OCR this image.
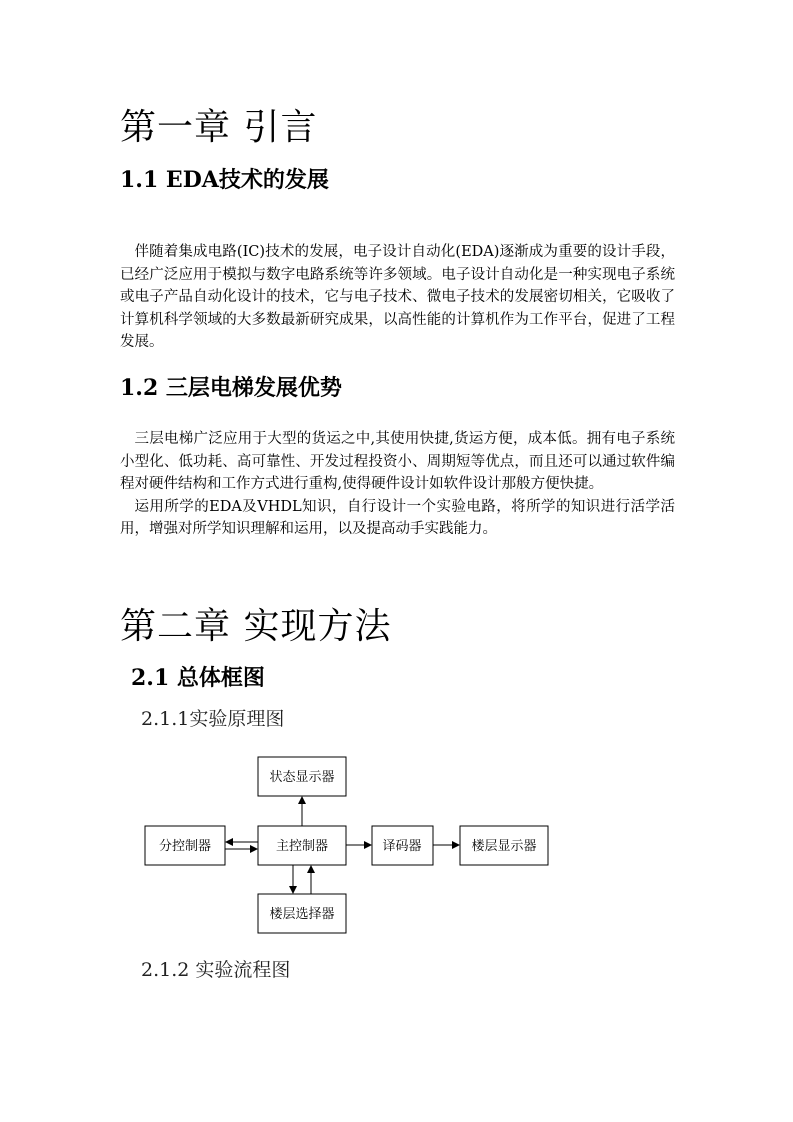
第一章 引言
1.1 EDA技术的发展

伴随着集成电路(IC)技术的发展，电子设计自动化(EDA)逐渐成为重要的设计手段，已经广泛应用于模拟与数字电路系统等许多领域。电子设计自动化是一种实现电子系统或电子产品自动化设计的技术，它与电子技术、微电子技术的发展密切相关，它吸收了计算机科学领域的大多数最新研究成果，以高性能的计算机作为工作平台，促进了工程发展。

1.2 三层电梯发展优势

三层电梯广泛应用于大型的货运之中,其使用快捷,货运方便，成本低。拥有电子系统小型化、低功耗、高可靠性、开发过程投资小、周期短等优点，而且还可以通过软件编程对硬件结构和工作方式进行重构,使得硬件设计如软件设计那般方便快捷。

运用所学的EDA及VHDL知识，自行设计一个实验电路，将所学的知识进行活学活用，增强对所学知识理解和运用，以及提高动手实践能力。

第二章 实现方法
2.1 总体框图
2.1.1实验原理图
状态显示器
分控制器	主控制器	译码器	楼层显示器
楼层选择器
2.1.2 实验流程图
